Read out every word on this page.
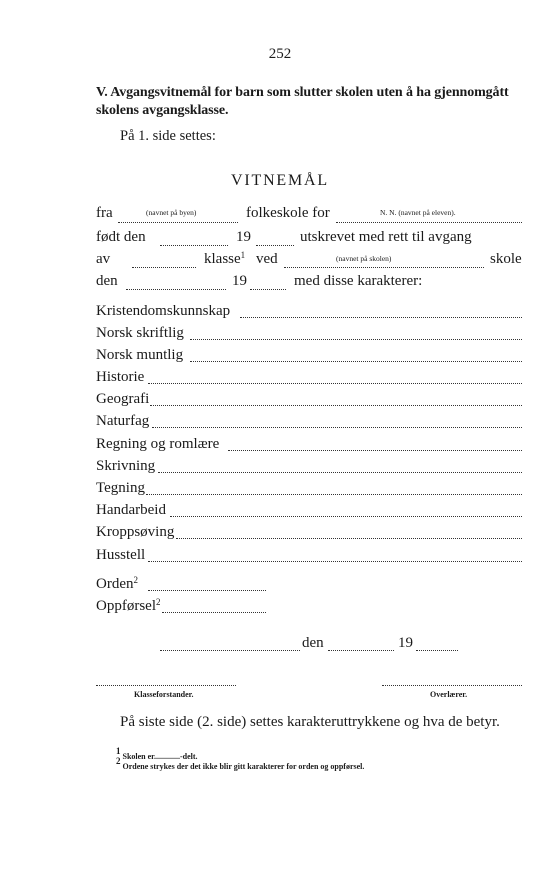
252
V. Avgangsvitnemål for barn som slutter skolen uten å ha gjennomgått skolens avgangsklasse.
På 1. side settes:
VITNEMÅL
fra	(navnet på byen)	folkeskole for	N. N. (navnet på eleven).
født den	19	utskrevet med rett til avgang
av	klasse$^1$ ved	(navnet på skolen)	skole
den	19	med disse karakterer:
Kristendomskunnskap
Norsk skriftlig
Norsk muntlig
Historie
Geografi
Naturfag
Regning og romlære
Skrivning
Tegning
Handarbeid
Kroppsøving
Husstell
Orden$^2$
Oppførsel$^2$
den	19
Klasseforstander.	Overlærer.
På siste side (2. side) settes karakteruttrykkene og hva de betyr.
$^1$ Skolen er.............-delt.
$^2$ Ordene strykes der det ikke blir gitt karakterer for orden og oppførsel.
